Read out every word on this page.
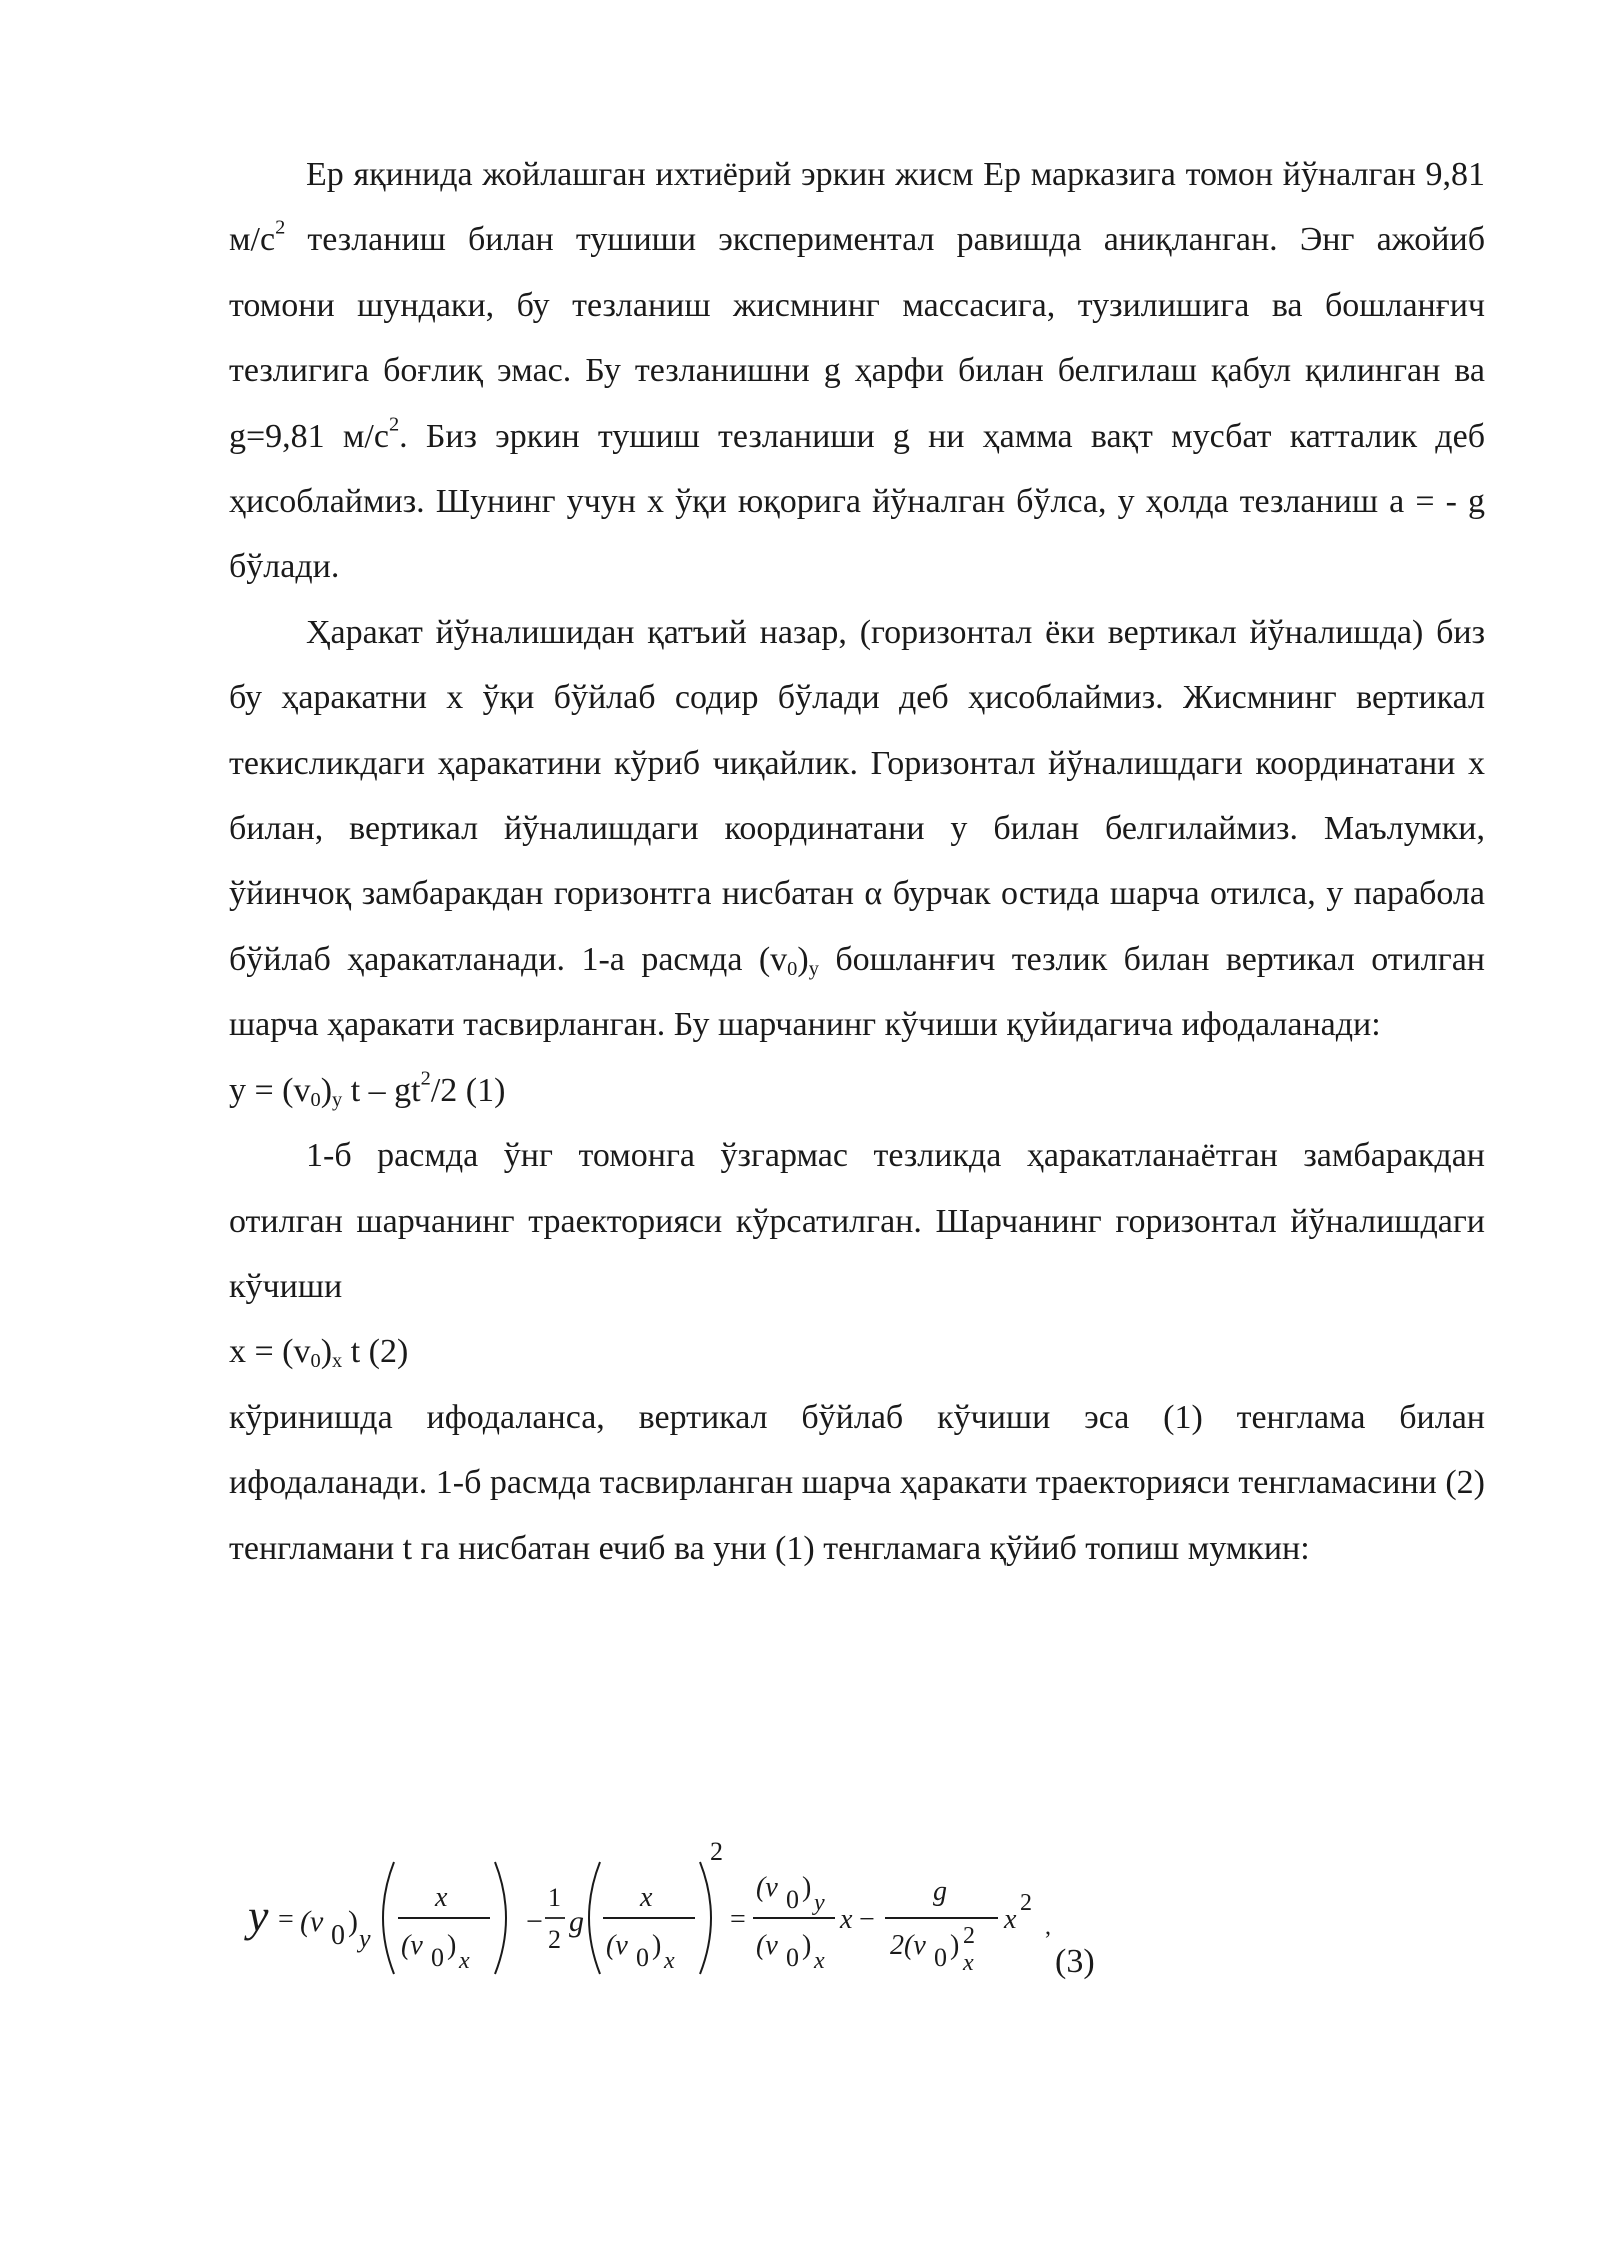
Ер яқинида жойлашган ихтиёрий эркин жисм Ер марказига томон йўналган 9,81 $м/с^2$ тезланиш билан тушиши экспериментал равишда аниқланган. Энг ажойиб томони шундаки, бу тезланиш жисмнинг массасига, тузилишига ва бошланғич тезлигига боғлиқ эмас. Бу тезланишни g ҳарфи билан белгилаш қабул қилинган ва g=9,81 $м/с^2$. Биз эркин тушиш тезланиши g ни ҳамма вақт мусбат катталик деб ҳисоблаймиз. Шунинг учун x ўқи юқорига йўналган бўлса, у ҳолда тезланиш a = - g бўлади.

Ҳаракат йўналишидан қатъий назар, (горизонтал ёки вертикал йўналишда) биз бу ҳаракатни x ўқи бўйлаб содир бўлади деб ҳисоблаймиз. Жисмнинг вертикал текисликдаги ҳаракатини кўриб чиқайлик. Горизонтал йўналишдаги координатани x билан, вертикал йўналишдаги координатани y билан белгилаймиз. Маълумки, ўйинчоқ замбаракдан горизонтга нисбатан α бурчак остида шарча отилса, у парабола бўйлаб ҳаракатланади. 1-а расмда $(v_0)_y$ бошланғич тезлик билан вертикал отилган шарча ҳаракати тасвирланган. Бу шарчанинг кўчиши қуйидагича ифодаланади:

$y = (v_0)_y$ t – $gt^2/2$ (1)

1-б расмда ўнг томонга ўзгармас тезликда ҳаракатланаётган замбаракдан отилган шарчанинг траекторияси кўрсатилган. Шарчанинг горизонтал йўналишдаги кўчиши

$x = (v_0)_x$ t (2)

кўринишда ифодаланса, вертикал бўйлаб кўчиши эса (1) тенглама билан ифодаланади. 1-б расмда тасвирланган шарча ҳаракати траекторияси тенгламасини (2) тенгламани t га нисбатан ечиб ва уни (1) тенгламага қўйиб топиш мумкин:

y = (v 0 )
y
x
(v 0 ) x
−
1
2
g
x
(v 0 ) x
2
=
(v 0 ) y
(v 0 ) x
x −
g
2(v 0 ) 2
x
x
2
,
(3)
